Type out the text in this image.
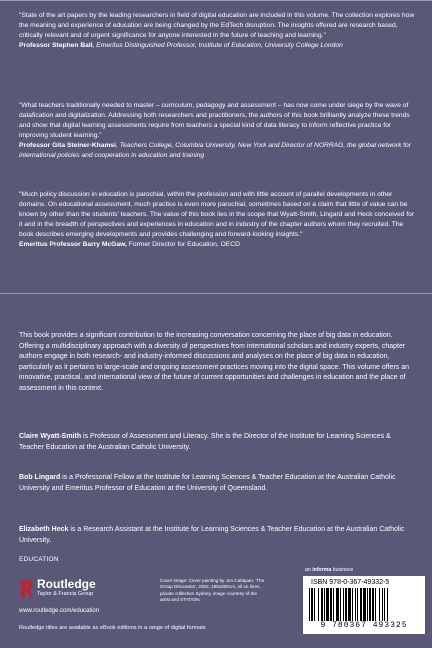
"State of the art papers by the leading researchers in field of digital education are included in this volume. The collection explores how the meaning and experience of education are being changed by the EdTech disruption. The insights offered are research based, critically relevant and of urgent significance for anyone interested in the future of teaching and learning."
Professor Stephen Ball, Emeritus Distinguished Professor, Institute of Education, University College London
"What teachers traditionally needed to master – curriculum, pedagogy and assessment – has now come under siege by the wave of datafication and digitalization. Addressing both researchers and practitioners, the authors of this book brilliantly analyze these trends and show that digital learning assessments require from teachers a special kind of data literacy to inform reflective practice for improving student learning."
Professor Gita Steiner-Khamsi, Teachers College, Columbia University, New York and Director of NORRAG, the global network for international policies and cooperation in education and training
"Much policy discussion in education is parochial, within the profession and with little account of parallel developments in other domains. On educational assessment, much practice is even more parochial, sometimes based on a claim that little of value can be known by other than the students' teachers. The value of this book lies in the scope that Wyatt-Smith, Lingard and Heck conceived for it and in the breadth of perspectives and experiences in education and in industry of the chapter authors whom they recruited. The book describes emerging developments and provides challenging and forward-looking insights."
Emeritus Professor Barry McGaw, Former Director for Education, OECD
This book provides a significant contribution to the increasing conversation concerning the place of big data in education. Offering a multidisciplinary approach with a diversity of perspectives from international scholars and industry experts, chapter authors engage in both research- and industry-informed discussions and analyses on the place of big data in education, particularly as it pertains to large-scale and ongoing assessment practices moving into the digital space. This volume offers an innovative, practical, and international view of the future of current opportunities and challenges in education and the place of assessment in this context.
Claire Wyatt-Smith is Professor of Assessment and Literacy. She is the Director of the Institute for Learning Sciences & Teacher Education at the Australian Catholic University.
Bob Lingard is a Professorial Fellow at the Institute for Learning Sciences & Teacher Education at the Australian Catholic University and Emeritus Professor of Education at the University of Queensland.
Elizabeth Heck is a Research Assistant at the Institute for Learning Sciences & Teacher Education at the Australian Catholic University.
EDUCATION
Routledge
Taylor & Francis Group
www.routledge.com/education
Cover image: Cover painting by Jon Cattapan, 'The Group Discusses', 2002, 195x300cm, oil on linen, private collection Sydney, image courtesy of the artist and STATION.
an informa business
ISBN 978-0-367-49332-5
9 780367 493325
Routledge titles are available as eBook editions in a range of digital formats
